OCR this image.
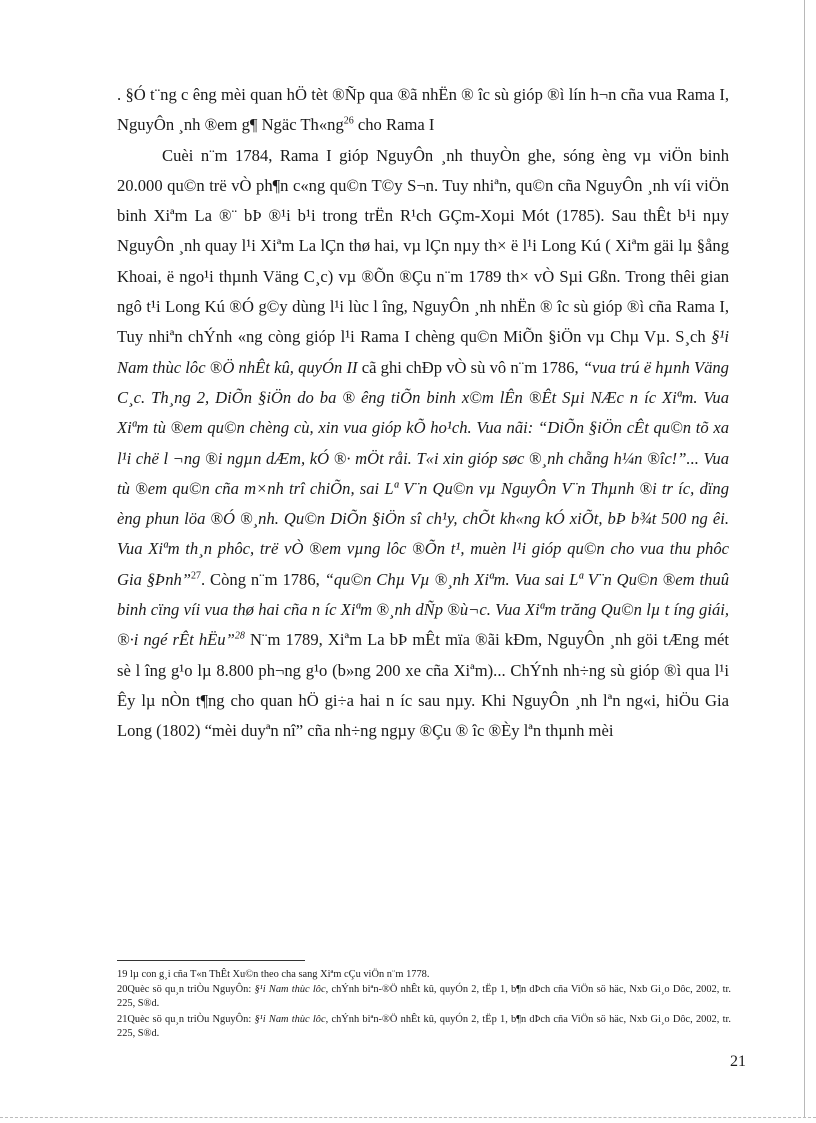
. §Ó t¨ng c êng mèi quan hÖ tèt ®Ñp qua ®ã nhËn ® îc sù gióp ®ì lín h¬n cña vua Rama I, NguyÔn ¸nh ®em g¶ Ngäc $Th«ng^{26}$ cho Rama I

Cuèi n¨m 1784, Rama I gióp NguyÔn ¸nh thuyÒn ghe, sóng èng vµ viÖn binh 20.000 qu©n trë vÒ ph¶n c«ng qu©n T©y S¬n. Tuy nhiªn, qu©n cña NguyÔn ¸nh víi viÖn binh Xiªm La ®¨ bÞ ®¹i b¹i trong trËn R¹ch GÇm-Xoµi Mót (1785). Sau thÊt b¹i nµy NguyÔn ¸nh quay l¹i Xiªm La lÇn thø hai, vµ lÇn nµy th× ë l¹i Long Kú ( Xiªm gäi lµ §ång Khoai, ë ngo¹i thµnh Väng C¸c) vµ ®Õn ®Çu n¨m 1789 th× vÒ Sµi Gßn. Trong thêi gian ngô t¹i Long Kú ®Ó g©y dùng l¹i lùc l îng, NguyÔn ¸nh nhËn ® îc sù gióp ®ì cña Rama I, Tuy nhiªn chÝnh «ng còng gióp l¹i Rama I chèng qu©n MiÕn §iÖn vµ Chµ Vµ. S¸ch §¹i Nam thùc lôc ®Ö nhÊt kû, quyÓn II cã ghi chÐp vÒ sù vô n¨m 1786, “vua trú ë hµnh Väng C¸c. Th¸ng 2, DiÕn §iÖn do ba ® êng tiÕn binh x©m lÊn ®Êt Sµi NÆc n íc Xiªm. Vua Xiªm tù ®em qu©n chèng cù, xin vua gióp kÕ ho¹ch. Vua nãi: “DiÕn §iÖn cÊt qu©n tõ xa l¹i chë l ¬ng ®i ngµn dÆm, kÓ ®· mÖt råi. T«i xin gióp søc ®¸nh chẵng h¼n ®îc!”... Vua tù ®em qu©n cña m×nh trî chiÕn, sai Lª V¨n Qu©n vµ NguyÔn V¨n Thµnh ®i tr íc, dïng èng phun löa ®Ó ®¸nh. Qu©n DiÕn §iÖn sî ch¹y, chÕt kh«ng kÓ xiÕt, bÞ b¾t 500 ng êi. Vua Xiªm th¸n phôc, trë vÒ ®em vµng lôc ®Õn t¹, muèn l¹i gióp qu©n cho vua thu phôc Gia §Þnh”$^{27}$. Còng n¨m 1786, “qu©n Chµ Vµ ®¸nh Xiªm. Vua sai Lª V¨n Qu©n ®em thuû binh cïng víi vua thø hai cña n íc Xiªm ®¸nh dÑp ®ù¬c. Vua Xiªm trăng Qu©n lµ t íng giái, ®·i ngé rÊt hËu”$^{28}$ N¨m 1789, Xiªm La bÞ mÊt mïa ®ãi kÐm, NguyÔn ¸nh göi tÆng mét sè l îng g¹o lµ 8.800 ph¬ng g¹o (b»ng 200 xe cña Xiªm)... ChÝnh nh÷ng sù gióp ®ì qua l¹i Êy lµ nÒn t¶ng cho quan hÖ gi÷a hai n íc sau nµy. Khi NguyÔn ¸nh lªn ng«i, hiÖu Gia Long (1802) “mèi duyªn nî” cña nh÷ng ngµy ®Çu ® îc ®Èy lªn thµnh mèi

19 lµ con g¸i cña T«n ThÊt Xu©n theo cha sang Xiªm cÇu viÖn n¨m 1778.

20Quèc sö qu¸n triÒu NguyÔn: §¹i Nam thùc lôc, chÝnh biªn-®Ö nhÊt kû, quyÓn 2, tËp 1, b¶n dÞch cña ViÖn sö häc, Nxb Gi¸o Dôc, 2002, tr. 225, S®d.

21Quèc sö qu¸n triÒu NguyÔn: §¹i Nam thùc lôc, chÝnh biªn-®Ö nhÊt kû, quyÓn 2, tËp 1, b¶n dÞch cña ViÖn sö häc, Nxb Gi¸o Dôc, 2002, tr. 225, S®d.

21
